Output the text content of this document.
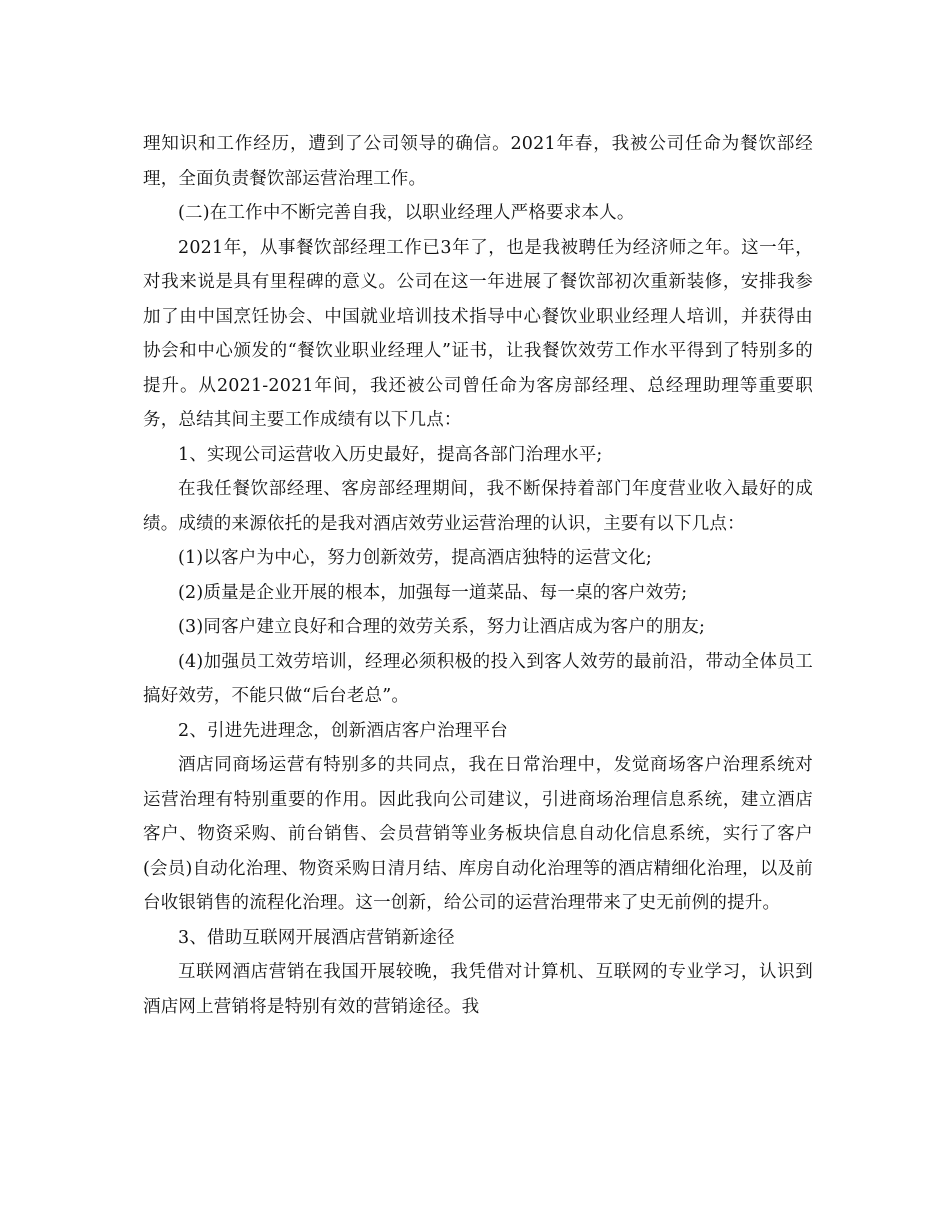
理知识和工作经历，遭到了公司领导的确信。2021年春，我被公司任命为餐饮部经理，全面负责餐饮部运营治理工作。

(二)在工作中不断完善自我，以职业经理人严格要求本人。

2021年，从事餐饮部经理工作已3年了，也是我被聘任为经济师之年。这一年，对我来说是具有里程碑的意义。公司在这一年进展了餐饮部初次重新装修，安排我参加了由中国烹饪协会、中国就业培训技术指导中心餐饮业职业经理人培训，并获得由协会和中心颁发的“餐饮业职业经理人”证书，让我餐饮效劳工作水平得到了特别多的提升。从2021-2021年间，我还被公司曾任命为客房部经理、总经理助理等重要职务，总结其间主要工作成绩有以下几点：

1、实现公司运营收入历史最好，提高各部门治理水平;

在我任餐饮部经理、客房部经理期间，我不断保持着部门年度营业收入最好的成绩。成绩的来源依托的是我对酒店效劳业运营治理的认识，主要有以下几点：

(1)以客户为中心，努力创新效劳，提高酒店独特的运营文化;

(2)质量是企业开展的根本，加强每一道菜品、每一桌的客户效劳;

(3)同客户建立良好和合理的效劳关系，努力让酒店成为客户的朋友;

(4)加强员工效劳培训，经理必须积极的投入到客人效劳的最前沿，带动全体员工搞好效劳，不能只做“后台老总”。

2、引进先进理念，创新酒店客户治理平台

酒店同商场运营有特别多的共同点，我在日常治理中，发觉商场客户治理系统对运营治理有特别重要的作用。因此我向公司建议，引进商场治理信息系统，建立酒店客户、物资采购、前台销售、会员营销等业务板块信息自动化信息系统，实行了客户(会员)自动化治理、物资采购日清月结、库房自动化治理等的酒店精细化治理，以及前台收银销售的流程化治理。这一创新，给公司的运营治理带来了史无前例的提升。

3、借助互联网开展酒店营销新途径

互联网酒店营销在我国开展较晚，我凭借对计算机、互联网的专业学习，认识到酒店网上营销将是特别有效的营销途径。我
